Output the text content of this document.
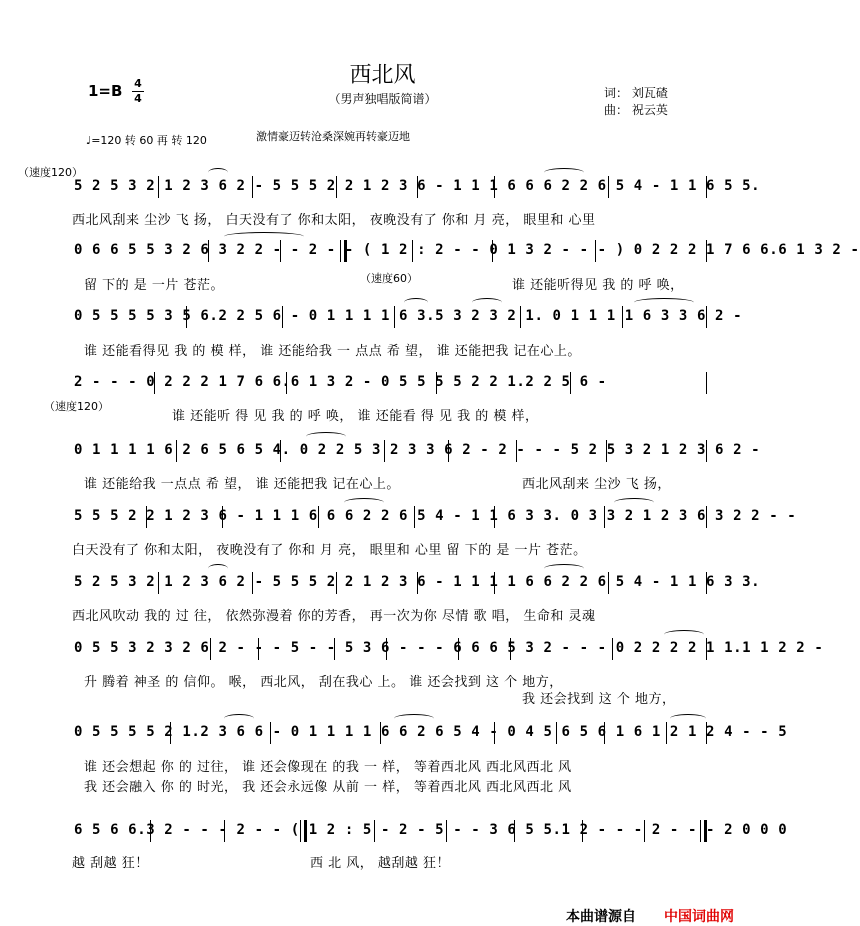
西北风
（男声独唱版简谱）
1=B 4
4	词： 刘瓦碴
曲： 祝云英
♩=120 转 60 再 转 120	激情豪迈转沧桑深婉再转豪迈地
（速度120）
（速度60）
（速度120）
5 2 5 3 2 1 2 3 6 2 - 5 5 5 2 2 1 2 3 6 - 1 1 1 6 6 6 2 2 6 5 4 - 1 1 6 5 5.
西北风刮来 尘沙 飞 扬， 白天没有了 你和太阳， 夜晚没有了 你和 月 亮， 眼里和 心里
0 6 6 5 5 3 2 6 3 2 2 - - 2 - - ( 1 2 : 2 - - 0 1 3 2 - - - ) 0 2 2 2 1 7 6 6.6 1 3 2 -
留 下的 是 一片 苍茫。	谁 还能听得见 我 的 呼 唤，
0 5 5 5 5 3 5 6.2 2 5 6 - 0 1 1 1 1 6 3.5 3 2 3 2 1. 0 1 1 1 1 6 3 3 6 2 -
谁 还能看得见 我 的 模 样， 谁 还能给我 一 点点 希 望， 谁 还能把我 记在心上。
2 - - - 0 2 2 2 1 7 6 6.6 1 3 2 - 0 5 5 5 5 2 2 1.2 2 5 6 -
谁 还能听 得 见 我 的 呼 唤， 谁 还能看 得 见 我 的 模 样，
0 1 1 1 1 6 2 6 5 6 5 4. 0 2 2 5 3 2 3 3 6 2 - 2 - - - 5 2 5 3 2 1 2 3 6 2 -
谁 还能给我 一点点 希 望， 谁 还能把我 记在心上。	西北风刮来 尘沙 飞 扬，
5 5 5 2 2 1 2 3 6 - 1 1 1 6 6 6 2 2 6 5 4 - 1 1 6 3 3. 0 3 3 2 1 2 3 6 3 2 2 - -
白天没有了 你和太阳， 夜晚没有了 你和 月 亮， 眼里和 心里 留 下的 是 一片 苍茫。
5 2 5 3 2 1 2 3 6 2 - 5 5 5 2 2 1 2 3 6 - 1 1 1 1 6 6 2 2 6 5 4 - 1 1 6 3 3.
西北风吹动 我的 过 往， 依然弥漫着 你的芳香， 再一次为你 尽情 歌 唱， 生命和 灵魂
0 5 5 3 2 3 2 6 2 - - - 5 - - 5 3 6 - - - 6 6 6 5 3 2 - - - 0 2 2 2 2 1 1.1 1 2 2 -
升 腾着 神圣 的 信仰。 喉， 西北风， 刮在我心 上。 谁 还会找到 这 个 地方，
我 还会找到 这 个 地方，
0 5 5 5 5 2 1.2 3 6 6 - 0 1 1 1 1 6 6 2 6 5 4 - 0 4 5 6 5 6 1 6 1 2 1 2 4 - - 5
谁 还会想起 你 的 过往， 谁 还会像现在 的我 一 样， 等着西北风 西北风西北 风
我 还会融入 你 的 时光， 我 还会永远像 从前 一 样， 等着西北风 西北风西北 风
6 5 6 6.3 2 - - - 2 - - ( 1 2 : 5 - 2 - 5 - - 3 6 5 5.1 2 - - - 2 - - - 2 0 0 0
越 刮越 狂！	西 北 风， 越刮越 狂！
本曲谱源自 中国词曲网
